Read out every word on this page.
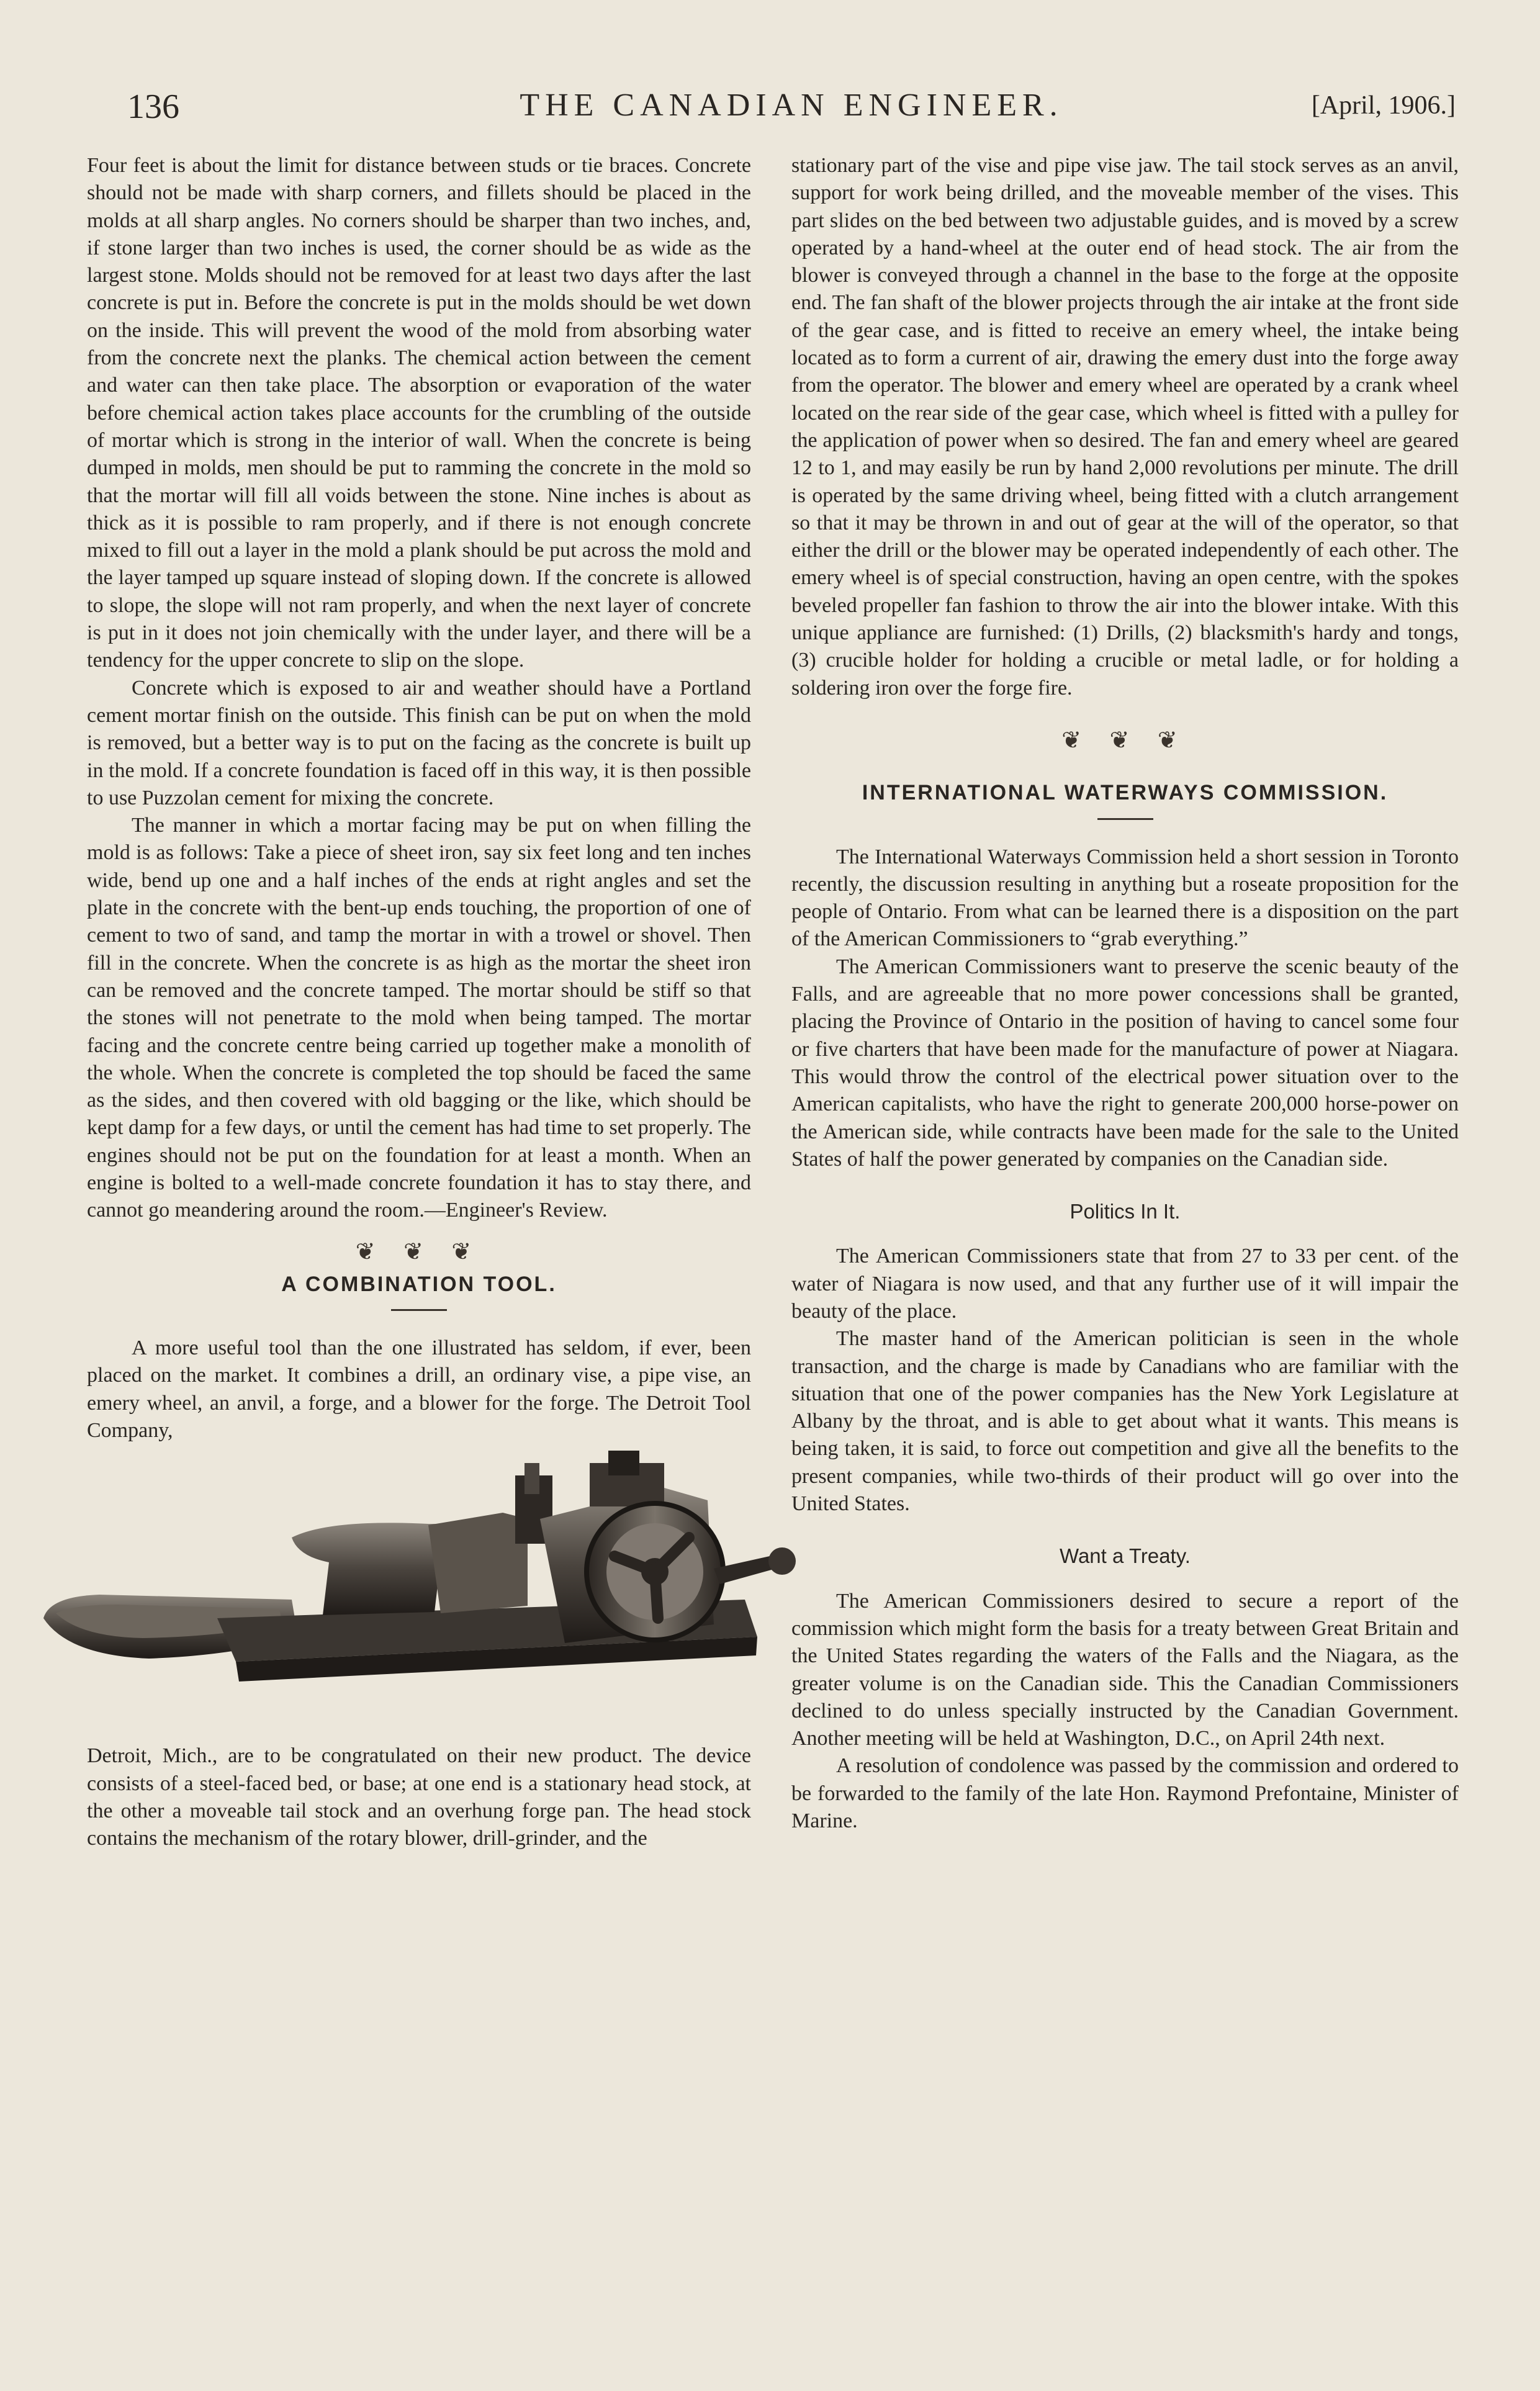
136	THE CANADIAN ENGINEER.	[April, 1906.]

Four feet is about the limit for distance between studs or tie braces. Concrete should not be made with sharp corners, and fillets should be placed in the molds at all sharp angles. No corners should be sharper than two inches, and, if stone larger than two inches is used, the corner should be as wide as the largest stone. Molds should not be removed for at least two days after the last concrete is put in. Before the concrete is put in the molds should be wet down on the inside. This will prevent the wood of the mold from absorbing water from the concrete next the planks. The chemical action between the cement and water can then take place. The absorption or evaporation of the water before chemical action takes place accounts for the crumbling of the outside of mortar which is strong in the interior of wall. When the concrete is being dumped in molds, men should be put to ramming the concrete in the mold so that the mortar will fill all voids between the stone. Nine inches is about as thick as it is possible to ram properly, and if there is not enough concrete mixed to fill out a layer in the mold a plank should be put across the mold and the layer tamped up square instead of sloping down. If the concrete is allowed to slope, the slope will not ram properly, and when the next layer of concrete is put in it does not join chemically with the under layer, and there will be a tendency for the upper concrete to slip on the slope.

Concrete which is exposed to air and weather should have a Portland cement mortar finish on the outside. This finish can be put on when the mold is removed, but a better way is to put on the facing as the concrete is built up in the mold. If a concrete foundation is faced off in this way, it is then possible to use Puzzolan cement for mixing the concrete.

The manner in which a mortar facing may be put on when filling the mold is as follows: Take a piece of sheet iron, say six feet long and ten inches wide, bend up one and a half inches of the ends at right angles and set the plate in the concrete with the bent-up ends touching, the proportion of one of cement to two of sand, and tamp the mortar in with a trowel or shovel. Then fill in the concrete. When the concrete is as high as the mortar the sheet iron can be removed and the concrete tamped. The mortar should be stiff so that the stones will not penetrate to the mold when being tamped. The mortar facing and the concrete centre being carried up together make a monolith of the whole. When the concrete is completed the top should be faced the same as the sides, and then covered with old bagging or the like, which should be kept damp for a few days, or until the cement has had time to set properly. The engines should not be put on the foundation for at least a month. When an engine is bolted to a well-made concrete foundation it has to stay there, and cannot go meandering around the room.—Engineer's Review.

❦ ❦ ❦
A COMBINATION TOOL.

A more useful tool than the one illustrated has seldom, if ever, been placed on the market. It combines a drill, an ordinary vise, a pipe vise, an emery wheel, an anvil, a forge, and a blower for the forge. The Detroit Tool Company,

Detroit, Mich., are to be congratulated on their new product. The device consists of a steel-faced bed, or base; at one end is a stationary head stock, at the other a moveable tail stock and an overhung forge pan. The head stock contains the mechanism of the rotary blower, drill-grinder, and the

stationary part of the vise and pipe vise jaw. The tail stock serves as an anvil, support for work being drilled, and the moveable member of the vises. This part slides on the bed between two adjustable guides, and is moved by a screw operated by a hand-wheel at the outer end of head stock. The air from the blower is conveyed through a channel in the base to the forge at the opposite end. The fan shaft of the blower projects through the air intake at the front side of the gear case, and is fitted to receive an emery wheel, the intake being located as to form a current of air, drawing the emery dust into the forge away from the operator. The blower and emery wheel are operated by a crank wheel located on the rear side of the gear case, which wheel is fitted with a pulley for the application of power when so desired. The fan and emery wheel are geared 12 to 1, and may easily be run by hand 2,000 revolutions per minute. The drill is operated by the same driving wheel, being fitted with a clutch arrangement so that it may be thrown in and out of gear at the will of the operator, so that either the drill or the blower may be operated independently of each other. The emery wheel is of special construction, having an open centre, with the spokes beveled propeller fan fashion to throw the air into the blower intake. With this unique appliance are furnished: (1) Drills, (2) blacksmith's hardy and tongs, (3) crucible holder for holding a crucible or metal ladle, or for holding a soldering iron over the forge fire.

❦ ❦ ❦
INTERNATIONAL WATERWAYS COMMISSION.

The International Waterways Commission held a short session in Toronto recently, the discussion resulting in anything but a roseate proposition for the people of Ontario. From what can be learned there is a disposition on the part of the American Commissioners to “grab everything.”

The American Commissioners want to preserve the scenic beauty of the Falls, and are agreeable that no more power concessions shall be granted, placing the Province of Ontario in the position of having to cancel some four or five charters that have been made for the manufacture of power at Niagara. This would throw the control of the electrical power situation over to the American capitalists, who have the right to generate 200,000 horse-power on the American side, while contracts have been made for the sale to the United States of half the power generated by companies on the Canadian side.

Politics In It.

The American Commissioners state that from 27 to 33 per cent. of the water of Niagara is now used, and that any further use of it will impair the beauty of the place.

The master hand of the American politician is seen in the whole transaction, and the charge is made by Canadians who are familiar with the situation that one of the power companies has the New York Legislature at Albany by the throat, and is able to get about what it wants. This means is being taken, it is said, to force out competition and give all the benefits to the present companies, while two-thirds of their product will go over into the United States.

Want a Treaty.

The American Commissioners desired to secure a report of the commission which might form the basis for a treaty between Great Britain and the United States regarding the waters of the Falls and the Niagara, as the greater volume is on the Canadian side. This the Canadian Commissioners declined to do unless specially instructed by the Canadian Government. Another meeting will be held at Washington, D.C., on April 24th next.

A resolution of condolence was passed by the commission and ordered to be forwarded to the family of the late Hon. Raymond Prefontaine, Minister of Marine.
